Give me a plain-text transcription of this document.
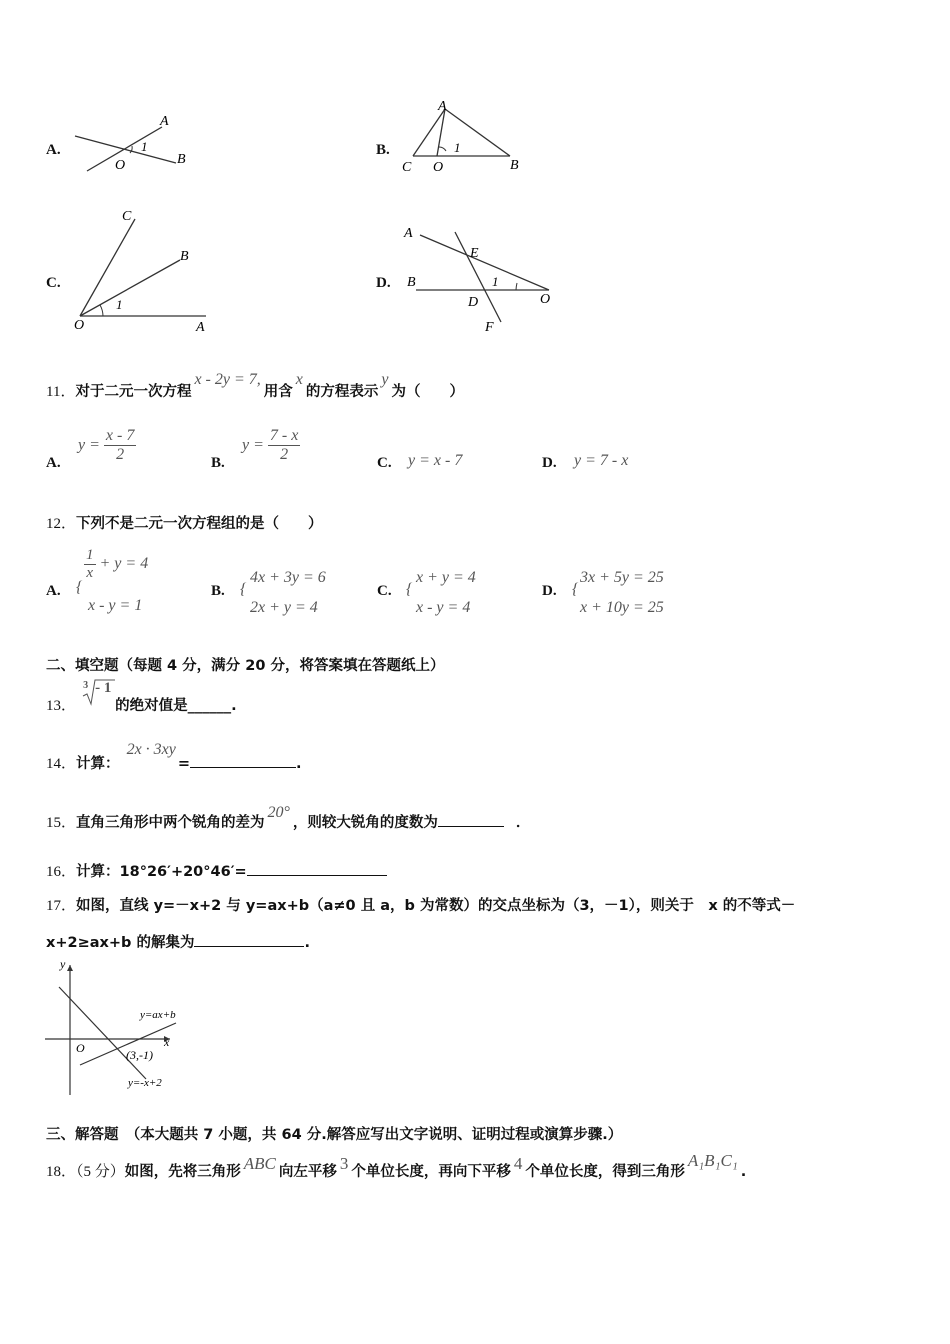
A.
A
O	B
1	B.
A
C O	B
1
C.
C
B
O	A
1
D.
A
E
B
D	O
F
1
11．对于二元一次方程x - 2y = 7,用含x的方程表示y为（　　）
A.
$y = \frac{x - 7}{2}$	B.
$y = \frac{7 - x}{2}$	C. y = x - 7	D. y = 7 - x
12．下列不是二元一次方程组的是（　　）
A. {
$\frac{1}{x} + y = 4$
x - y = 1
B. {
4x + 3y = 6
2x + y = 4
C. {
x + y = 4
x - y = 4
D. {
3x + 5y = 25
x + 10y = 25
二、填空题（每题 4 分，满分 20 分，将答案填在答题纸上）
13．
3 - 1
的绝对值是______.
14．计算： 2x · 3xy=	.
15．直角三角形中两个锐角的差为20°，则较大锐角的度数为	．
16．计算：18°26′+20°46′=
17．如图，直线 y=－x+2 与 y=ax+b（a≠0 且 a，b 为常数）的交点坐标为（3，－1），则关于　x 的不等式－
x+2≥ax+b 的解集为	.
y
x
O
y=ax+b
(3,-1)
y=-x+2
三、解答题　（本大题共 7 小题，共 64 分.解答应写出文字说明、证明过程或演算步骤.）
18．（5 分）如图，先将三角形 ABC 向左平移 3 个单位长度，再向下平移 4 个单位长度，得到三角形A₁B₁C₁.
